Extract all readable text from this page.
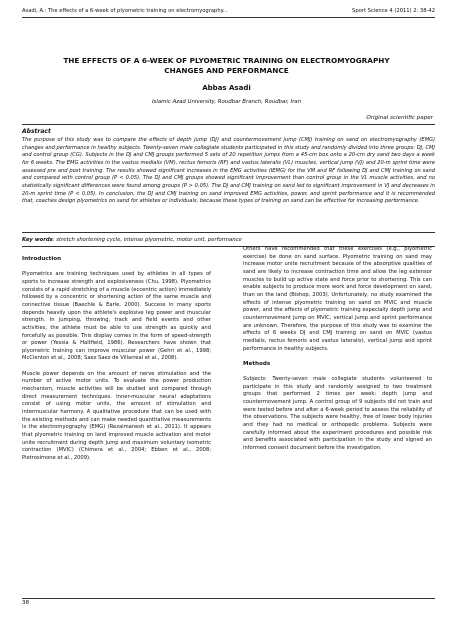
Asadi, A.: The effects of a 6-week of plyometric training on electromyography...	Sport Science 4 (2011) 2: 38-42
THE EFFECTS OF A 6-WEEK OF PLYOMETRIC TRAINING ON ELECTROMYOGRAPHY
CHANGES AND PERFORMANCE
Abbas Asadi
Islamic Azad University, Roudbar Branch, Roudbar, Iran
Original scientific paper
Abstract
The purpose of this study was to compare the effects of depth jump (DJ) and countermovement jump (CMJ) training on sand on electromyography (EMG) changes and performance in healthy subjects. Twenty-seven male collegiate students participated in this study and randomly divided into three groups: DJ, CMJ and control group (CG). Subjects in the DJ and CMJ groups performed 5 sets of 20 repetition jumps from a 45-cm box onto a 20-cm dry sand two days a week for 6 weeks. The EMG activities in the vastus medialis (VM), rectus femoris (RF) and vastus lateralis (VL) muscles, vertical jump (VJ) and 20-m sprint time were assessed pre and post training. The results showed significant increases in the EMG activities (IEMG) for the VM and RF following DJ and CMJ training on sand and compared with control group (P < 0.05). The DJ and CMJ groups showed significant improvement than control group in the VL muscle activities, and no statistically significant differences were found among groups (P > 0.05). The DJ and CMJ training on sand led to significant improvement in VJ and decreases in 20-m sprint time (P < 0.05). In conclusion, the DJ and CMJ training on sand improved EMG activities, power, and sprint performance and it is recommended that, coaches design plyometrics on sand for athletes or individuals, because these types of training on sand can be effective for increasing performance.
Key words: stretch shortening cycle, intense plyometric, motor unit, performance
Introduction

Plyometrics are training techniques used by athletes in all types of sports to increase strength and explosiveness (Chu, 1998). Plyometrics consists of a rapid stretching of a muscle (eccentric action) immediately followed by a concentric or shortening action of the same muscle and connective tissue (Baechle & Earle, 2000). Success in many sports depends heavily upon the athlete's explosive leg power and muscular strength. In jumping, throwing, track and field events and other activities, the athlete must be able to use strength as quickly and forcefully as possible. This display comes in the form of speed-strength or power (Yessia & Haltfield, 1986). Researchers have shown that plyometric training can improve muscular power (Gehri et al., 1998; McClenton et al., 2008; Saez Saez de Villarreal et al., 2008).

Muscle power depends on the amount of nerve stimulation and the number of active motor units. To evaluate the power production mechanism, muscle activities will be studied and compared through direct measurement techniques. Inner-muscular neural adaptations consist of using motor units, the amount of stimulation and intermuscular harmony. A qualitative procedure that can be used with the existing methods and can make needed quantitative measurements is the electromyography (EMG) (Rezaimanesh et al., 2011). It appears that plyometric training on land improved muscle activation and motor unite recruitment during depth jump and maximum voluntary isometric contraction (MVIC) (Chimera et al., 2004; Ebben et al., 2008; Pietrosimone et al., 2009).

Others have recommended that these exercises (e.g., plyometric exercise) be done on sand surface. Plyometric training on sand may increase motor unite recruitment because of the absorptive qualities of sand are likely to increase contraction time and allow the leg extensor muscles to build up active state and force prior to shortening. This can enable subjects to produce more work and force development on sand, than on the land (Bishop, 2003). Unfortunately, no study examined the effects of intense plyometric training on sand on MVIC and muscle power, and the effects of plyometric training especially depth jump and countermovement jump on MVIC, vertical jump and sprint performance are unknown. Therefore, the purpose of this study was to examine the effects of 6 weeks DJ and CMJ training on sand on MVIC (vastus medialis, rectus femoris and vastus lateralis), vertical jump and sprint performance in healthy subjects.

Methods

Subjects: Twenty-seven male collegiate students volunteered to participate in this study and randomly assigned to two treatment groups that performed 2 times per week: depth jump and countermovement jump. A control group of 9 subjects did not train and were tested before and after a 6-week period to assess the reliability of the observations. The subjects were healthy, free of lower body injuries and they had no medical or orthopedic problems. Subjects were carefully informed about the experiment procedures and possible risk and benefits associated with participation in the study and signed an informed consent document before the investigation.

38
